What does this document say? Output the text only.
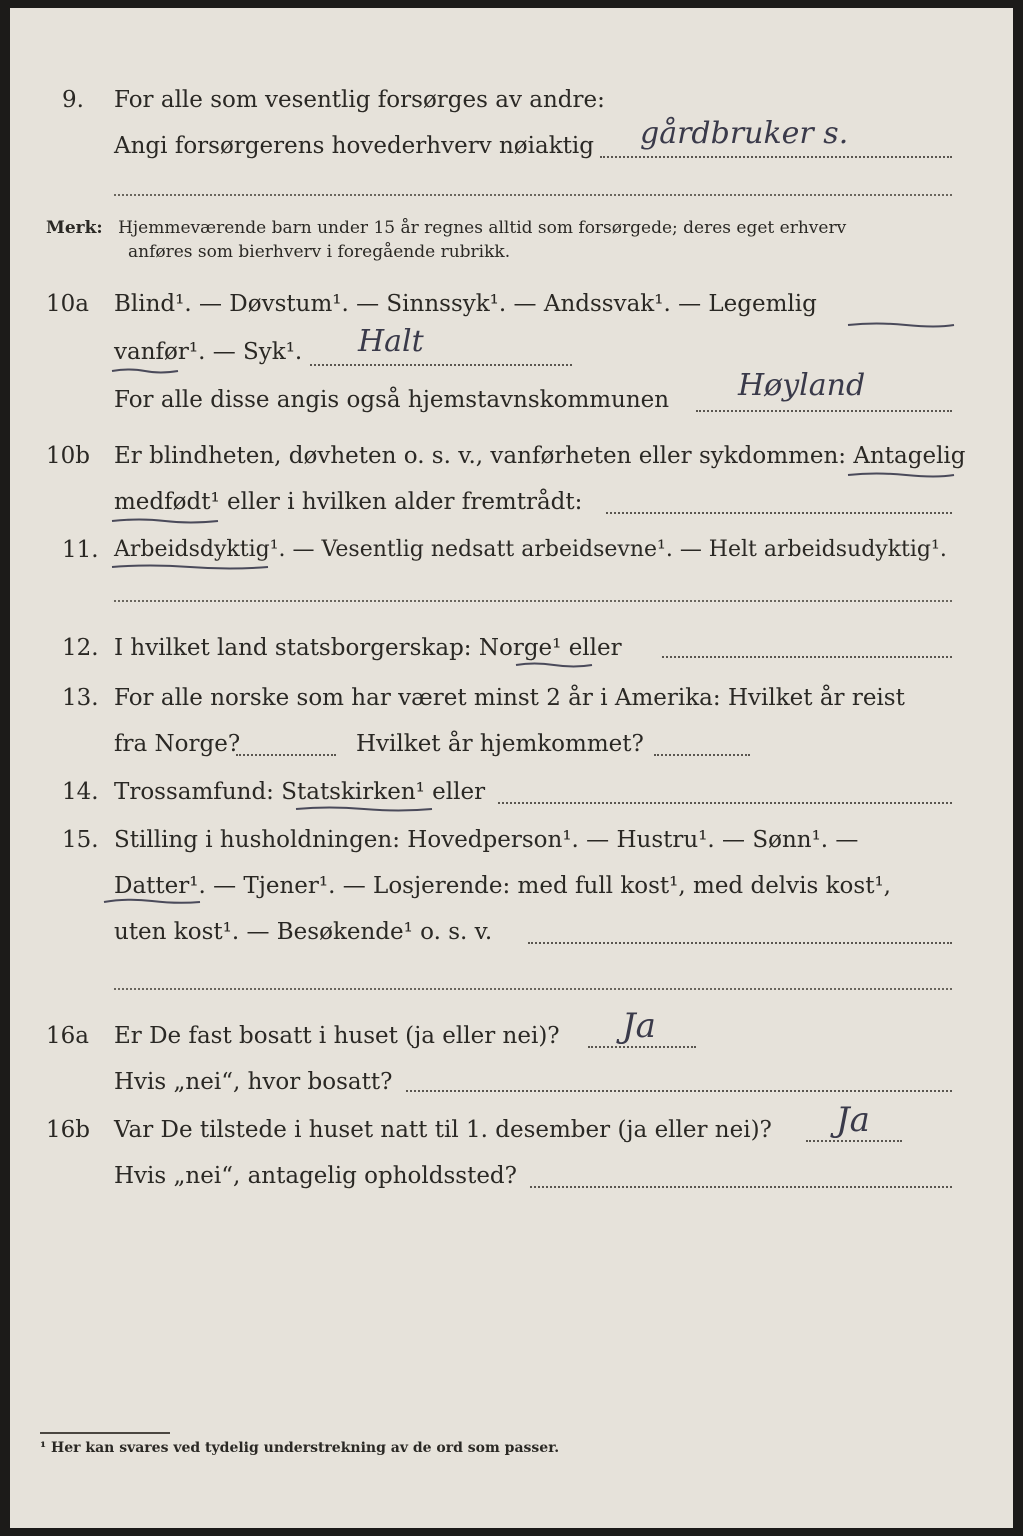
9. For alle som vesentlig forsørges av andre:
Angi forsørgerens hovederhverv nøiaktig gårdbruker s.
Merk: Hjemmeværende barn under 15 år regnes alltid som forsørgede; deres eget erhverv
anføres som bierhverv i foregående rubrikk.
10a Blind¹. — Døvstum¹. — Sinnssyk¹. — Andssvak¹. — Legemlig
vanfør¹. — Syk¹. Halt
For alle disse angis også hjemstavnskommunen Høyland
10b Er blindheten, døvheten o. s. v., vanførheten eller sykdommen: Antagelig
medfødt¹ eller i hvilken alder fremtrådt:
11. Arbeidsdyktig¹. — Vesentlig nedsatt arbeidsevne¹. — Helt arbeidsudyktig¹.
12. I hvilket land statsborgerskap: Norge¹ eller
13. For alle norske som har været minst 2 år i Amerika: Hvilket år reist
fra Norge?	Hvilket år hjemkommet?
14. Trossamfund: Statskirken¹ eller
15. Stilling i husholdningen: Hovedperson¹. — Hustru¹. — Sønn¹. —
Datter¹. — Tjener¹. — Losjerende: med full kost¹, med delvis kost¹,
uten kost¹. — Besøkende¹ o. s. v.
16a Er De fast bosatt i huset (ja eller nei)? Ja
Hvis „nei“, hvor bosatt?
16b Var De tilstede i huset natt til 1. desember (ja eller nei)? Ja
Hvis „nei“, antagelig opholdssted?
¹ Her kan svares ved tydelig understrekning av de ord som passer.
